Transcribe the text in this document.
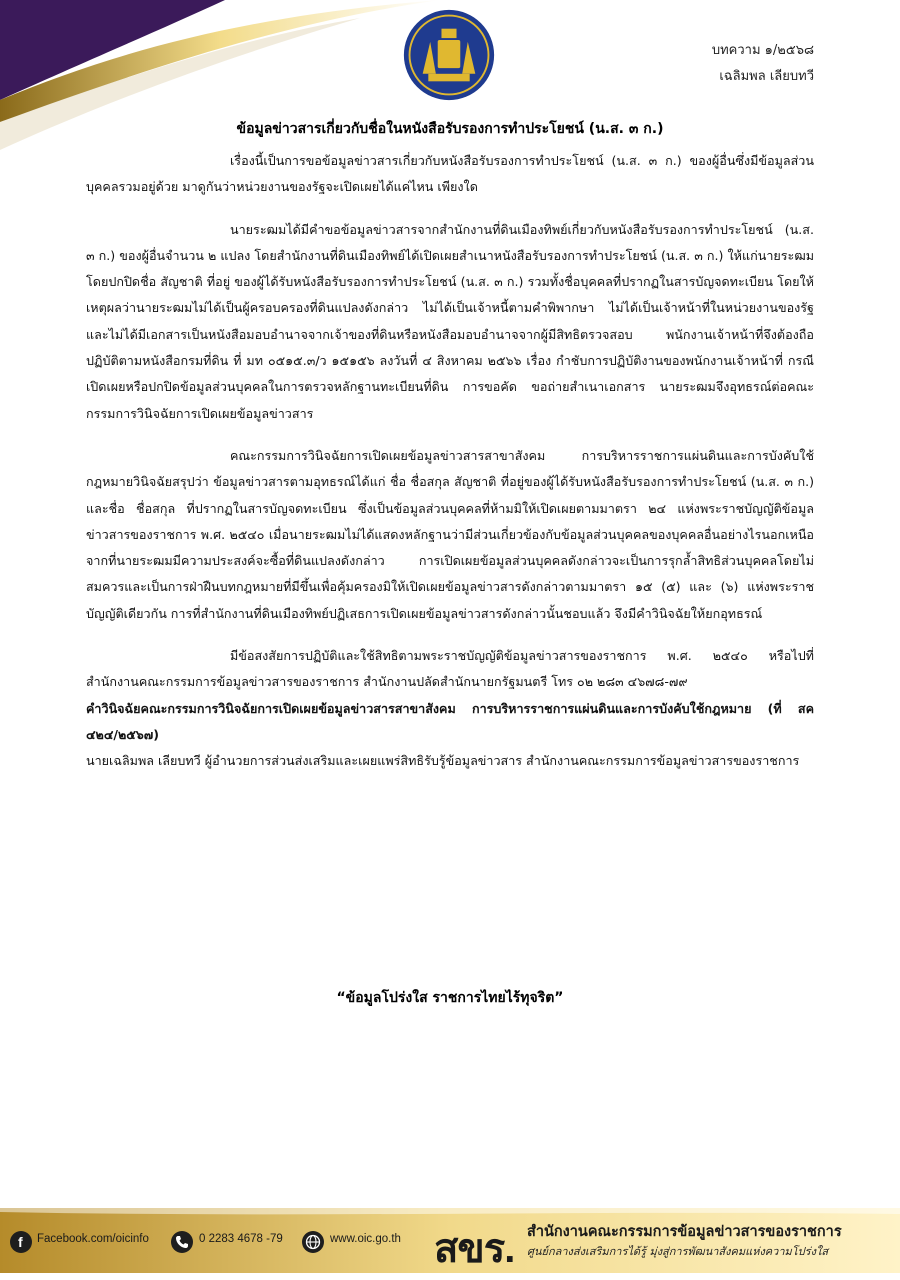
บทความ ๑/๒๕๖๘
เฉลิมพล เลียบทวี
ข้อมูลข่าวสารเกี่ยวกับชื่อในหนังสือรับรองการทำประโยชน์ (น.ส. ๓ ก.)

เรื่องนี้เป็นการขอข้อมูลข่าวสารเกี่ยวกับหนังสือรับรองการทำประโยชน์ (น.ส. ๓ ก.) ของผู้อื่นซึ่งมีข้อมูลส่วนบุคคลรวมอยู่ด้วย มาดูกันว่าหน่วยงานของรัฐจะเปิดเผยได้แค่ไหน เพียงใด

นายระฒมได้มีคำขอข้อมูลข่าวสารจากสำนักงานที่ดินเมืองทิพย์เกี่ยวกับหนังสือรับรองการทำประโยชน์ (น.ส. ๓ ก.) ของผู้อื่นจำนวน ๒ แปลง โดยสำนักงานที่ดินเมืองทิพย์ได้เปิดเผยสำเนาหนังสือรับรองการทำประโยชน์ (น.ส. ๓ ก.) ให้แก่นายระฒมโดยปกปิดชื่อ สัญชาติ ที่อยู่ ของผู้ได้รับหนังสือรับรองการทำประโยชน์ (น.ส. ๓ ก.) รวมทั้งชื่อบุคคลที่ปรากฏในสารบัญจดทะเบียน โดยให้เหตุผลว่านายระฒมไม่ได้เป็นผู้ครอบครองที่ดินแปลงดังกล่าว ไม่ได้เป็นเจ้าหนี้ตามคำพิพากษา ไม่ได้เป็นเจ้าหน้าที่ในหน่วยงานของรัฐ และไม่ได้มีเอกสารเป็นหนังสือมอบอำนาจจากเจ้าของที่ดินหรือหนังสือมอบอำนาจจากผู้มีสิทธิตรวจสอบ พนักงานเจ้าหน้าที่จึงต้องถือปฏิบัติตามหนังสือกรมที่ดิน ที่ มท ๐๕๑๕.๓/ว ๑๕๑๕๖ ลงวันที่ ๔ สิงหาคม ๒๕๖๖ เรื่อง กำชับการปฏิบัติงานของพนักงานเจ้าหน้าที่ กรณีเปิดเผยหรือปกปิดข้อมูลส่วนบุคคลในการตรวจหลักฐานทะเบียนที่ดิน การขอคัด ขอถ่ายสำเนาเอกสาร นายระฒมจึงอุทธรณ์ต่อคณะกรรมการวินิจฉัยการเปิดเผยข้อมูลข่าวสาร

คณะกรรมการวินิจฉัยการเปิดเผยข้อมูลข่าวสารสาขาสังคม การบริหารราชการแผ่นดินและการบังคับใช้กฎหมายวินิจฉัยสรุปว่า ข้อมูลข่าวสารตามอุทธรณ์ได้แก่ ชื่อ ชื่อสกุล สัญชาติ ที่อยู่ของผู้ได้รับหนังสือรับรองการทำประโยชน์ (น.ส. ๓ ก.) และชื่อ ชื่อสกุล ที่ปรากฏในสารบัญจดทะเบียน ซึ่งเป็นข้อมูลส่วนบุคคลที่ห้ามมิให้เปิดเผยตามมาตรา ๒๔ แห่งพระราชบัญญัติข้อมูลข่าวสารของราชการ พ.ศ. ๒๕๔๐ เมื่อนายระฒมไม่ได้แสดงหลักฐานว่ามีส่วนเกี่ยวข้องกับข้อมูลส่วนบุคคลของบุคคลอื่นอย่างไรนอกเหนือจากที่นายระฒมมีความประสงค์จะซื้อที่ดินแปลงดังกล่าว การเปิดเผยข้อมูลส่วนบุคคลดังกล่าวจะเป็นการรุกล้ำสิทธิส่วนบุคคลโดยไม่สมควรและเป็นการฝ่าฝืนบทกฎหมายที่มีขึ้นเพื่อคุ้มครองมิให้เปิดเผยข้อมูลข่าวสารดังกล่าวตามมาตรา ๑๕ (๕) และ (๖) แห่งพระราชบัญญัติเดียวกัน การที่สำนักงานที่ดินเมืองทิพย์ปฏิเสธการเปิดเผยข้อมูลข่าวสารดังกล่าวนั้นชอบแล้ว จึงมีคำวินิจฉัยให้ยกอุทธรณ์

มีข้อสงสัยการปฏิบัติและใช้สิทธิตามพระราชบัญญัติข้อมูลข่าวสารของราชการ พ.ศ. ๒๕๔๐ หรือไปที่ สำนักงานคณะกรรมการข้อมูลข่าวสารของราชการ สำนักงานปลัดสำนักนายกรัฐมนตรี โทร ๐๒ ๒๘๓ ๔๖๗๘-๗๙

คำวินิจฉัยคณะกรรมการวินิจฉัยการเปิดเผยข้อมูลข่าวสารสาขาสังคม การบริหารราชการแผ่นดินและการบังคับใช้กฎหมาย (ที่ สค ๔๒๔/๒๕๖๗)

นายเฉลิมพล เลียบทวี ผู้อำนวยการส่วนส่งเสริมและเผยแพร่สิทธิรับรู้ข้อมูลข่าวสาร สำนักงานคณะกรรมการข้อมูลข่าวสารของราชการ

“ข้อมูลโปร่งใส ราชการไทยไร้ทุจริต”
f Facebook.com/oicinfo	0 2283 4678 -79	www.oic.go.th สขร. สำนักงานคณะกรรมการข้อมูลข่าวสารของราชการ
ศูนย์กลางส่งเสริมการได้รู้ มุ่งสู่การพัฒนาสังคมแห่งความโปร่งใส
